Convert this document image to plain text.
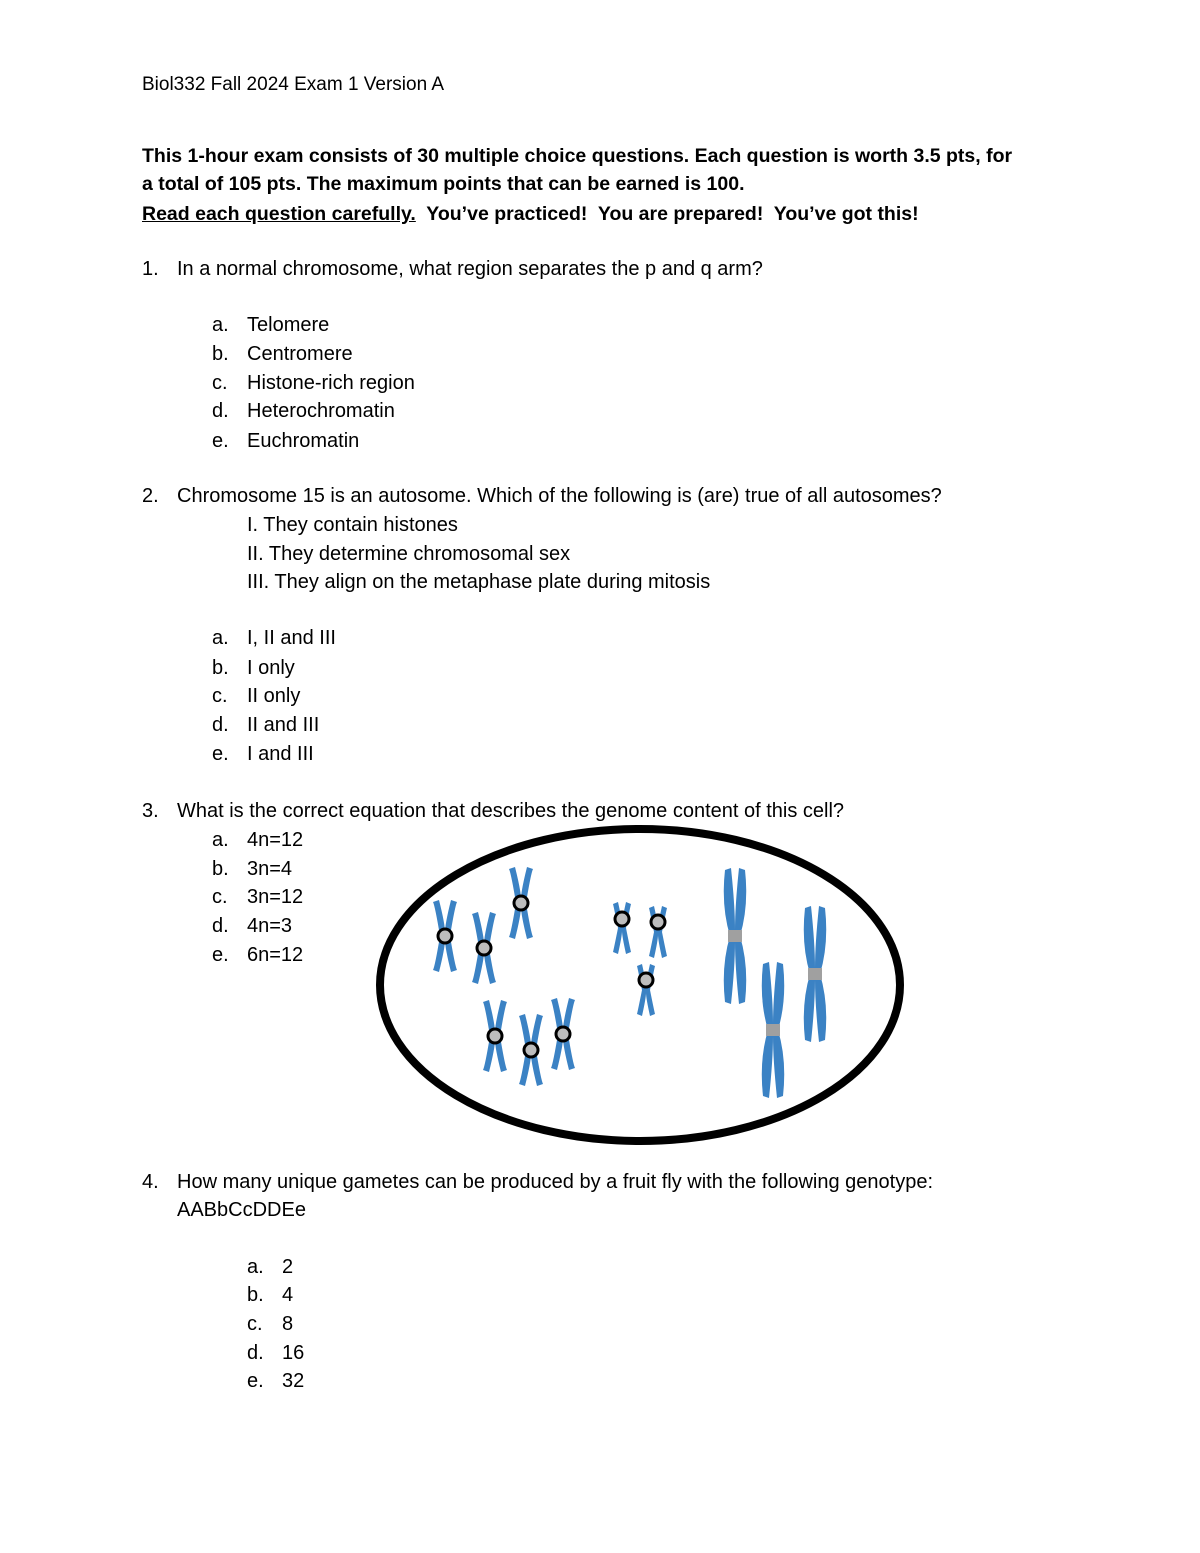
Biol332 Fall 2024 Exam 1 Version A
This 1-hour exam consists of 30 multiple choice questions. Each question is worth 3.5 pts, for
a total of 105 pts. The maximum points that can be earned is 100.
Read each question carefully.  You’ve practiced!  You are prepared!  You’ve got this!
1. In a normal chromosome, what region separates the p and q arm?
a. Telomere
b. Centromere
c. Histone-rich region
d. Heterochromatin
e. Euchromatin
2. Chromosome 15 is an autosome. Which of the following is (are) true of all autosomes?
I. They contain histones
II. They determine chromosomal sex
III. They align on the metaphase plate during mitosis
a. I, II and III
b. I only
c. II only
d. II and III
e. I and III
3. What is the correct equation that describes the genome content of this cell?
a. 4n=12
b. 3n=4
c. 3n=12
d. 4n=3
e. 6n=12
4. How many unique gametes can be produced by a fruit fly with the following genotype:
AABbCcDDEe
a. 2
b. 4
c. 8
d. 16
e. 32
